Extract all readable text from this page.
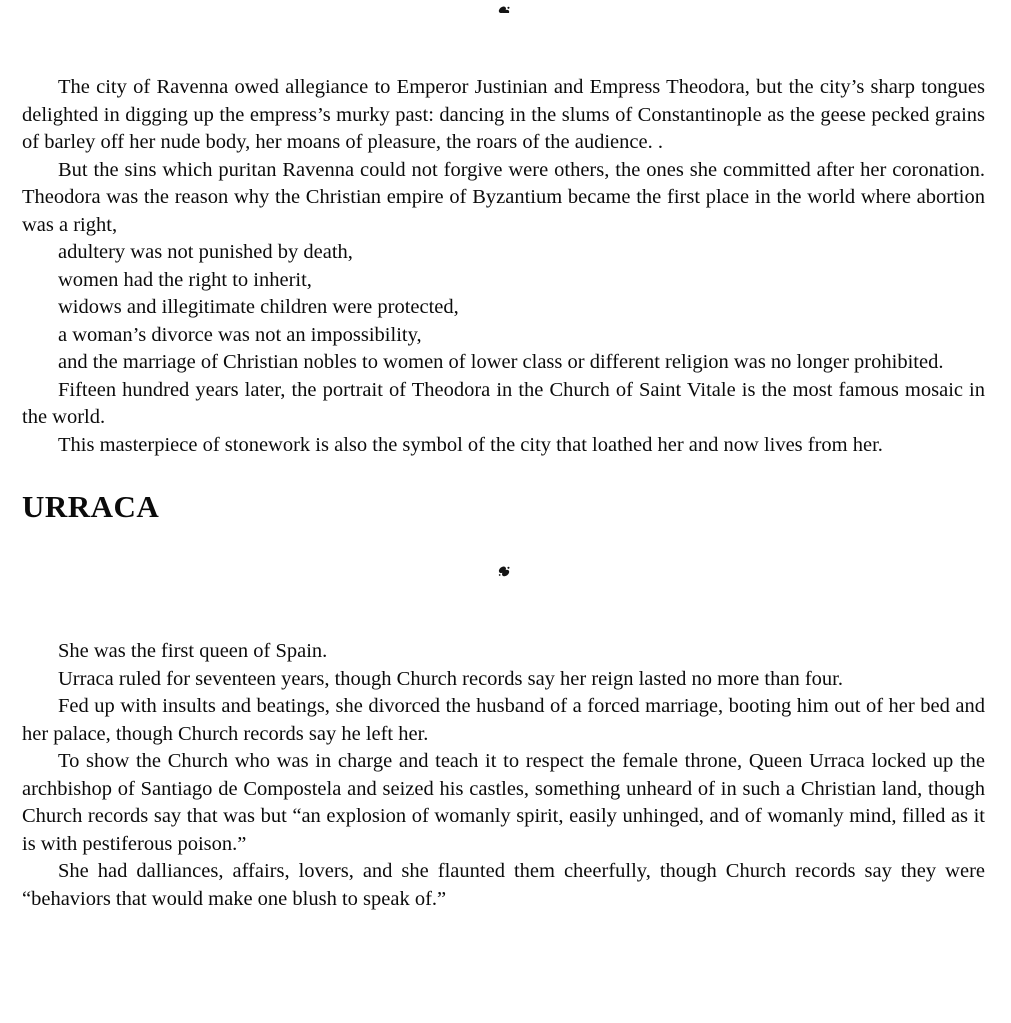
The city of Ravenna owed allegiance to Emperor Justinian and Empress Theodora, but the city’s sharp tongues delighted in digging up the empress’s murky past: dancing in the slums of Constantinople as the geese pecked grains of barley off her nude body, her moans of pleasure, the roars of the audience. .

But the sins which puritan Ravenna could not forgive were others, the ones she committed after her coronation. Theodora was the reason why the Christian empire of Byzantium became the first place in the world where abortion was a right,

adultery was not punished by death,

women had the right to inherit,

widows and illegitimate children were protected,

a woman’s divorce was not an impossibility,

and the marriage of Christian nobles to women of lower class or different religion was no longer prohibited.

Fifteen hundred years later, the portrait of Theodora in the Church of Saint Vitale is the most famous mosaic in the world.

This masterpiece of stonework is also the symbol of the city that loathed her and now lives from her.

URRACA

She was the first queen of Spain.

Urraca ruled for seventeen years, though Church records say her reign lasted no more than four.

Fed up with insults and beatings, she divorced the husband of a forced marriage, booting him out of her bed and her palace, though Church records say he left her.

To show the Church who was in charge and teach it to respect the female throne, Queen Urraca locked up the archbishop of Santiago de Compostela and seized his castles, something unheard of in such a Christian land, though Church records say that was but “an explosion of womanly spirit, easily unhinged, and of womanly mind, filled as it is with pestiferous poison.”

She had dalliances, affairs, lovers, and she flaunted them cheerfully, though Church records say they were “behaviors that would make one blush to speak of.”
